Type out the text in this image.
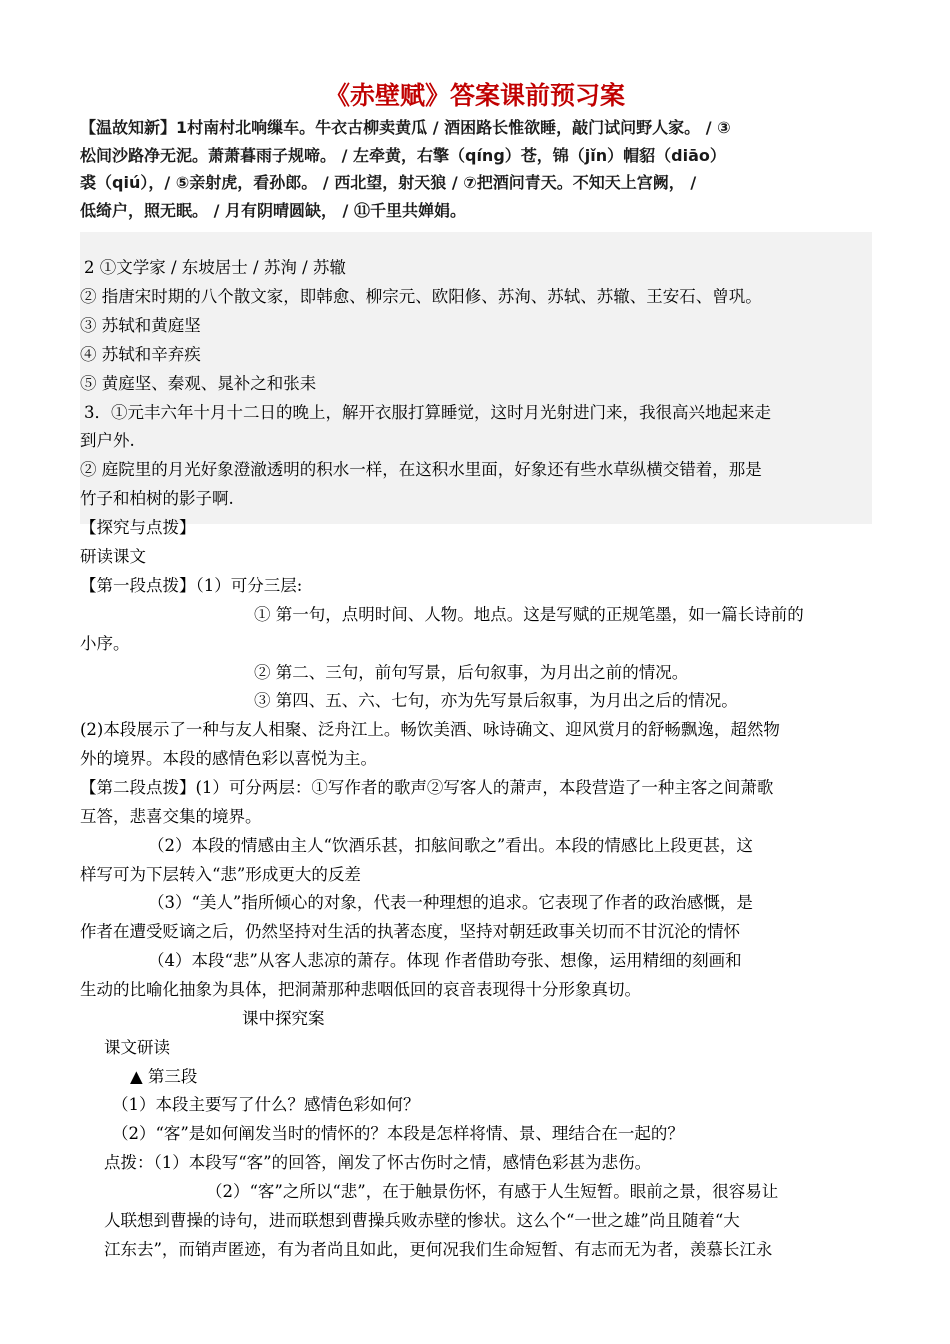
《赤壁赋》答案课前预习案
【温故知新】1村南村北响缫车。牛衣古柳卖黄瓜 / 酒困路长惟欲睡，敲门试问野人家。 / ③
松间沙路净无泥。萧萧暮雨子规啼。 / 左牵黄，右擎（qíng）苍，锦（jǐn）帽貂（diāo）
裘（qiú），/ ⑤亲射虎，看孙郎。 / 西北望，射天狼 / ⑦把酒问青天。不知天上宫阙， /
低绮户，照无眠。 / 月有阴晴圆缺， / ⑪千里共婵娟。
2 ①文学家 / 东坡居士 / 苏洵 / 苏辙
② 指唐宋时期的八个散文家，即韩愈、柳宗元、欧阳修、苏洵、苏轼、苏辙、王安石、曾巩。
③ 苏轼和黄庭坚
④ 苏轼和辛弃疾
⑤ 黄庭坚、秦观、晁补之和张耒
3．①元丰六年十月十二日的晚上，解开衣服打算睡觉，这时月光射进门来，我很高兴地起来走
到户外.
② 庭院里的月光好象澄澈透明的积水一样，在这积水里面，好象还有些水草纵横交错着，那是
竹子和柏树的影子啊.
【探究与点拨】
研读课文
【第一段点拨】（1）可分三层:
① 第一句，点明时间、人物。地点。这是写赋的正规笔墨，如一篇长诗前的
小序。
② 第二、三句，前句写景，后句叙事，为月出之前的情况。
③ 第四、五、六、七句，亦为先写景后叙事，为月出之后的情况。
(2)本段展示了一种与友人相聚、泛舟江上。畅饮美酒、咏诗确文、迎风赏月的舒畅飘逸，超然物
外的境界。本段的感情色彩以喜悦为主。
【第二段点拨】(1）可分两层：①写作者的歌声②写客人的萧声，本段营造了一种主客之间萧歌
互答，悲喜交集的境界。
（2）本段的情感由主人“饮酒乐甚，扣舷间歌之”看出。本段的情感比上段更甚，这
样写可为下层转入“悲”形成更大的反差
（3）“美人”指所倾心的对象，代表一种理想的追求。它表现了作者的政治感慨，是
作者在遭受贬谪之后，仍然坚持对生活的执著态度，坚持对朝廷政事关切而不甘沉沦的情怀
（4）本段“悲”从客人悲凉的萧存。体现 作者借助夸张、想像，运用精细的刻画和
生动的比喻化抽象为具体，把洞萧那种悲咽低回的哀音表现得十分形象真切。
课中探究案
课文研读
▲ 第三段
（1）本段主要写了什么？感情色彩如何？
（2）“客”是如何阐发当时的情怀的？本段是怎样将情、景、理结合在一起的？
点拨：（1）本段写“客”的回答，阐发了怀古伤时之情，感情色彩甚为悲伤。
（2）“客”之所以“悲”，在于触景伤怀，有感于人生短暂。眼前之景，很容易让
人联想到曹操的诗句，进而联想到曹操兵败赤壁的惨状。这么个“一世之雄”尚且随着“大
江东去”，而销声匿迹，有为者尚且如此，更何况我们生命短暂、有志而无为者，羡慕长江永
